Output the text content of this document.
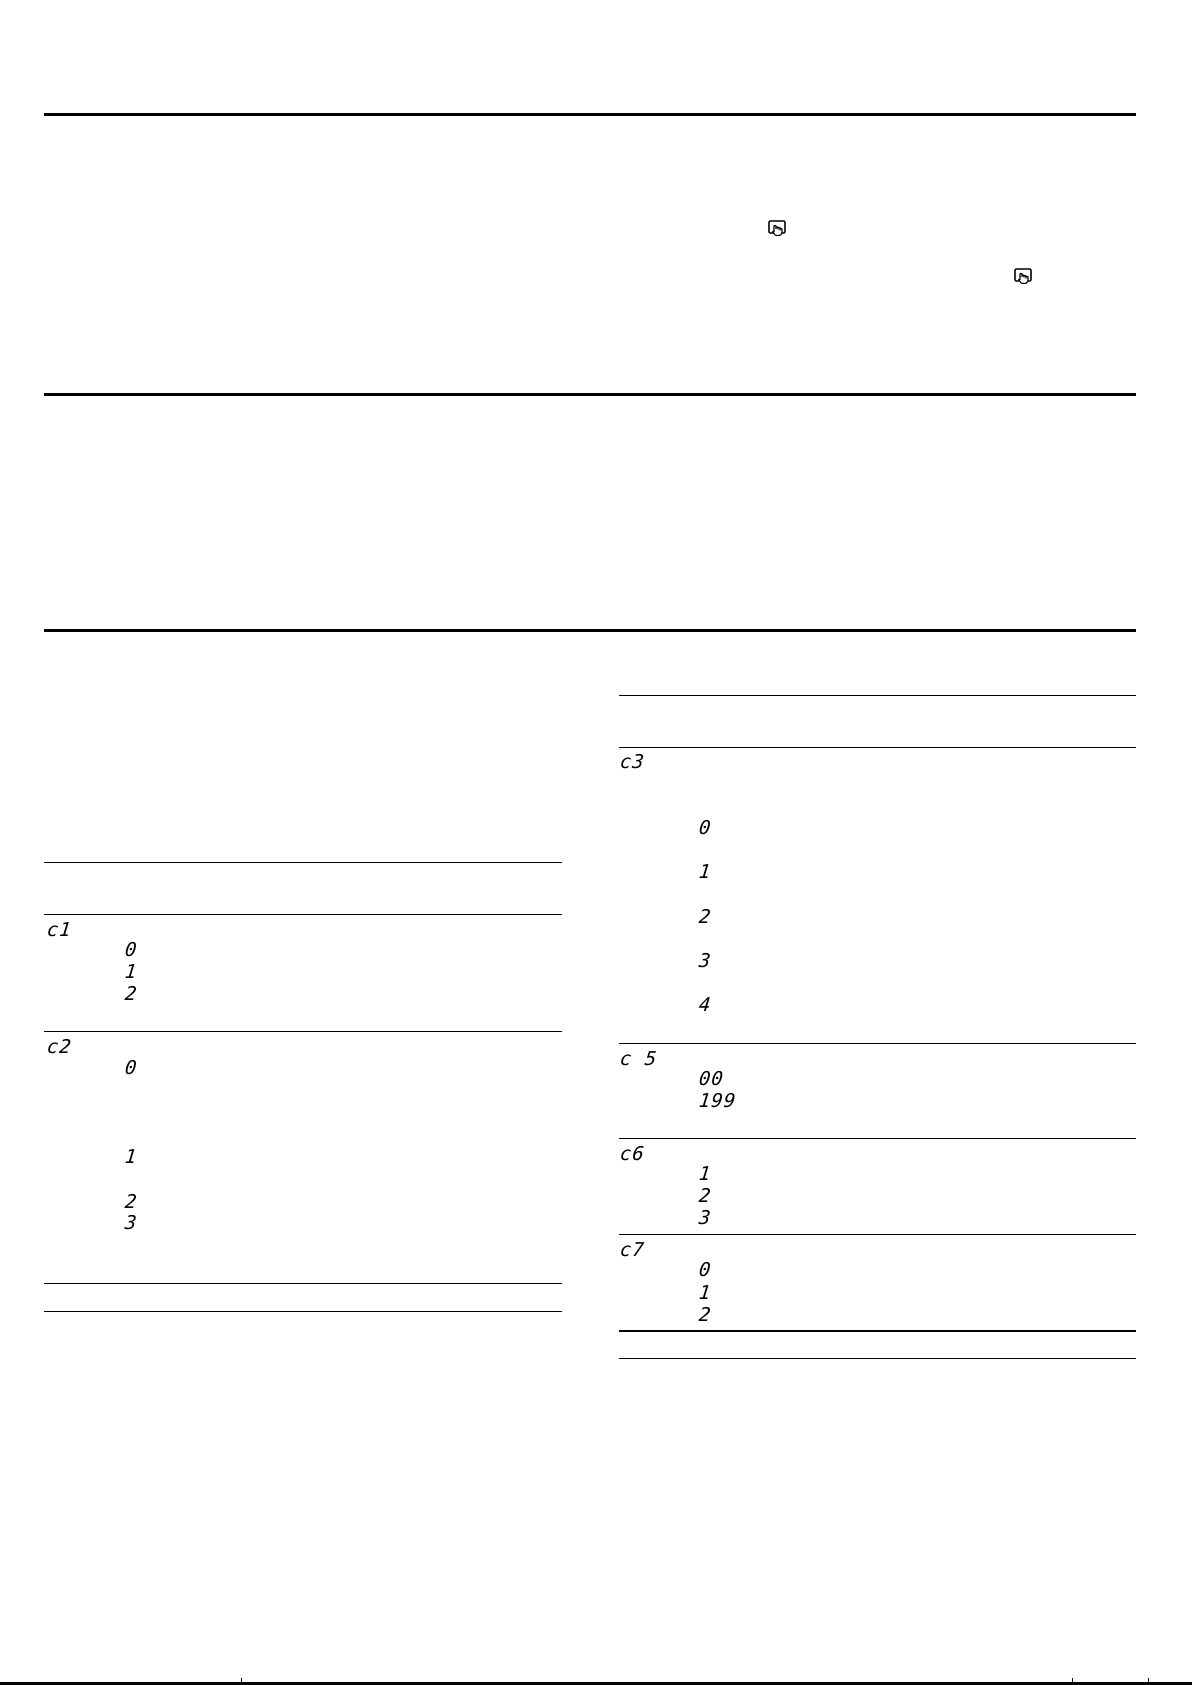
c1
0
1
2
c2
0
1
2
3
c3
0
1
2
3
4
c 5
00
199
c6
1
2
3
c7
0
1
2
